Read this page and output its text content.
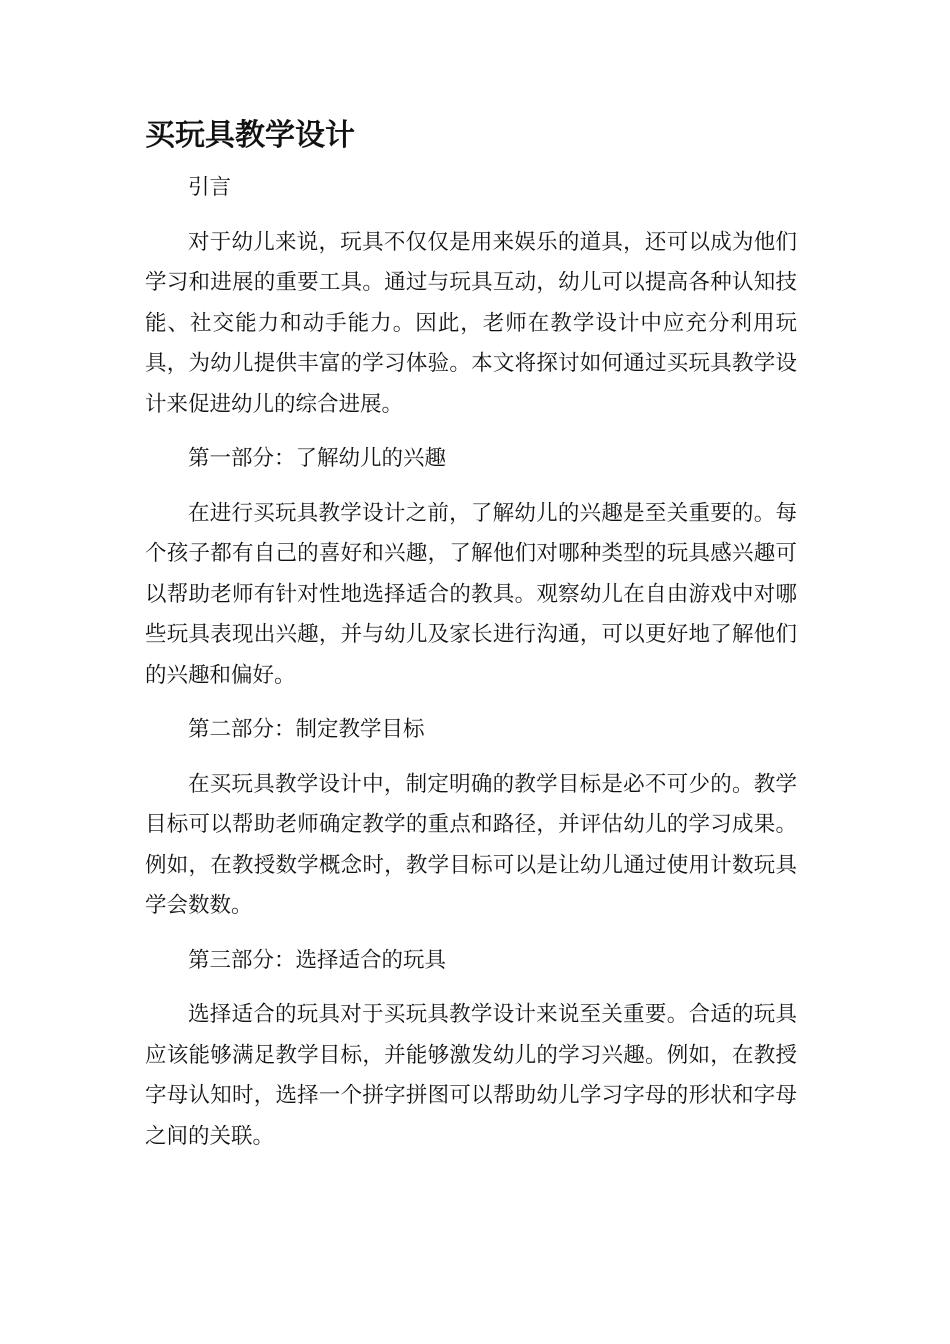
买玩具教学设计

引言

对于幼儿来说，玩具不仅仅是用来娱乐的道具，还可以成为他们学习和进展的重要工具。通过与玩具互动，幼儿可以提高各种认知技能、社交能力和动手能力。因此，老师在教学设计中应充分利用玩具，为幼儿提供丰富的学习体验。本文将探讨如何通过买玩具教学设计来促进幼儿的综合进展。

第一部分：了解幼儿的兴趣

在进行买玩具教学设计之前，了解幼儿的兴趣是至关重要的。每个孩子都有自己的喜好和兴趣，了解他们对哪种类型的玩具感兴趣可以帮助老师有针对性地选择适合的教具。观察幼儿在自由游戏中对哪些玩具表现出兴趣，并与幼儿及家长进行沟通，可以更好地了解他们的兴趣和偏好。

第二部分：制定教学目标

在买玩具教学设计中，制定明确的教学目标是必不可少的。教学目标可以帮助老师确定教学的重点和路径，并评估幼儿的学习成果。例如，在教授数学概念时，教学目标可以是让幼儿通过使用计数玩具学会数数。

第三部分：选择适合的玩具

选择适合的玩具对于买玩具教学设计来说至关重要。合适的玩具应该能够满足教学目标，并能够激发幼儿的学习兴趣。例如，在教授字母认知时，选择一个拼字拼图可以帮助幼儿学习字母的形状和字母之间的关联。
